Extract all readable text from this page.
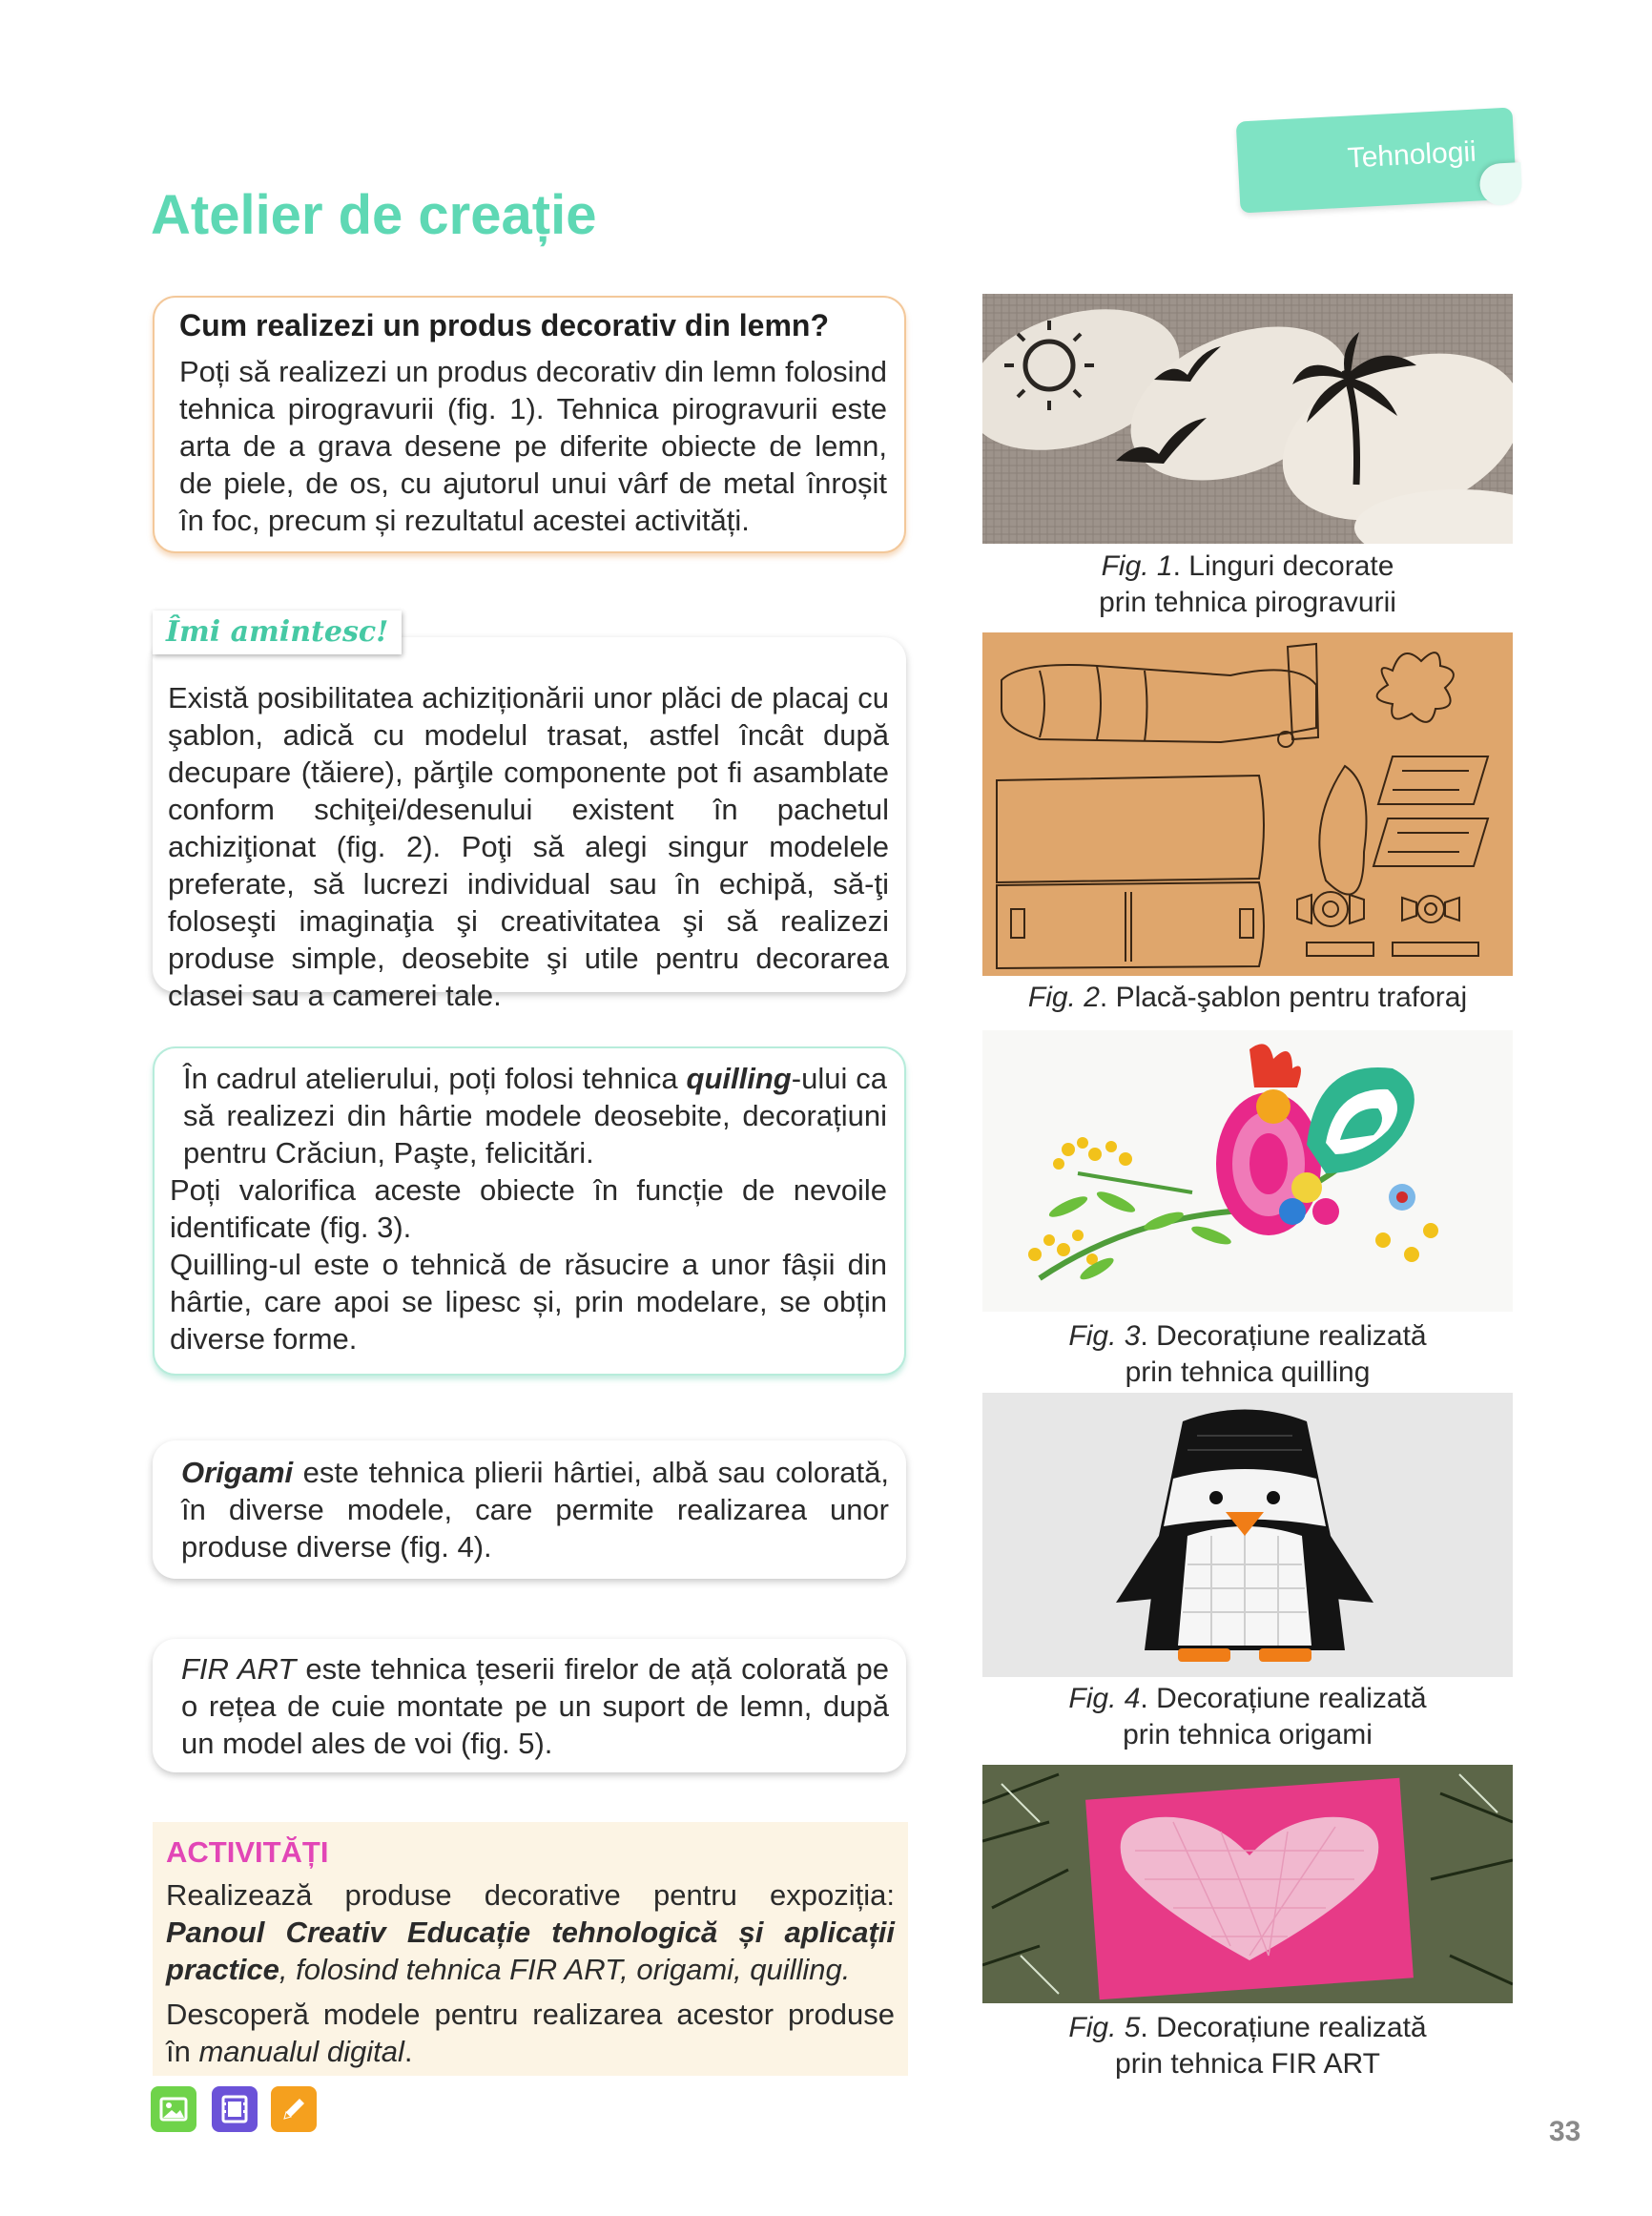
Tehnologii
Atelier de creație
Cum realizezi un produs decorativ din lemn?

Poți să realizezi un produs decorativ din lemn folosind tehnica pirogravurii (fig. 1). Tehnica pirogravurii este arta de a grava desene pe diferite obiecte de lemn, de piele, de os, cu ajutorul unui vârf de metal înroșit în foc, precum și rezultatul acestei activități.

Există posibilitatea achiziționării unor plăci de placaj cu şablon, adică cu modelul trasat, astfel încât după decupare (tăiere), părţile componente pot fi asamblate conform schiţei/desenului existent în pachetul achiziţionat (fig. 2). Poţi să alegi singur modelele preferate, să lucrezi individual sau în echipă, să-ţi foloseşti imaginaţia şi creativitatea şi să realizezi produse simple, deosebite şi utile pentru decorarea clasei sau a camerei tale.

Îmi amintesc!

În cadrul atelierului, poți folosi tehnica quilling-ului ca să realizezi din hârtie modele deosebite, decorațiuni pentru Crăciun, Paşte, felicitări.

Poți valorifica aceste obiecte în funcție de nevoile identificate (fig. 3).

Quilling-ul este o tehnică de răsucire a unor fâșii din hârtie, care apoi se lipesc și, prin modelare, se obțin diverse forme.

Origami este tehnica plierii hârtiei, albă sau colorată, în diverse modele, care permite realizarea unor produse diverse (fig. 4).

FIR ART este tehnica țeserii firelor de ață colorată pe o rețea de cuie montate pe un suport de lemn, după un model ales de voi (fig. 5).

ACTIVITĂȚI

Realizează produse decorative pentru expoziția: Panoul Creativ Educație tehnologică și aplicații practice, folosind tehnica FIR ART, origami, quilling.

Descoperă modele pentru realizarea acestor produse în manualul digital.

Fig. 1. Linguri decorate
prin tehnica pirogravurii
Fig. 2. Placă-şablon pentru traforaj
Fig. 3. Decorațiune realizată
prin tehnica quilling
Fig. 4. Decorațiune realizată
prin tehnica origami
Fig. 5. Decorațiune realizată
prin tehnica FIR ART
33
